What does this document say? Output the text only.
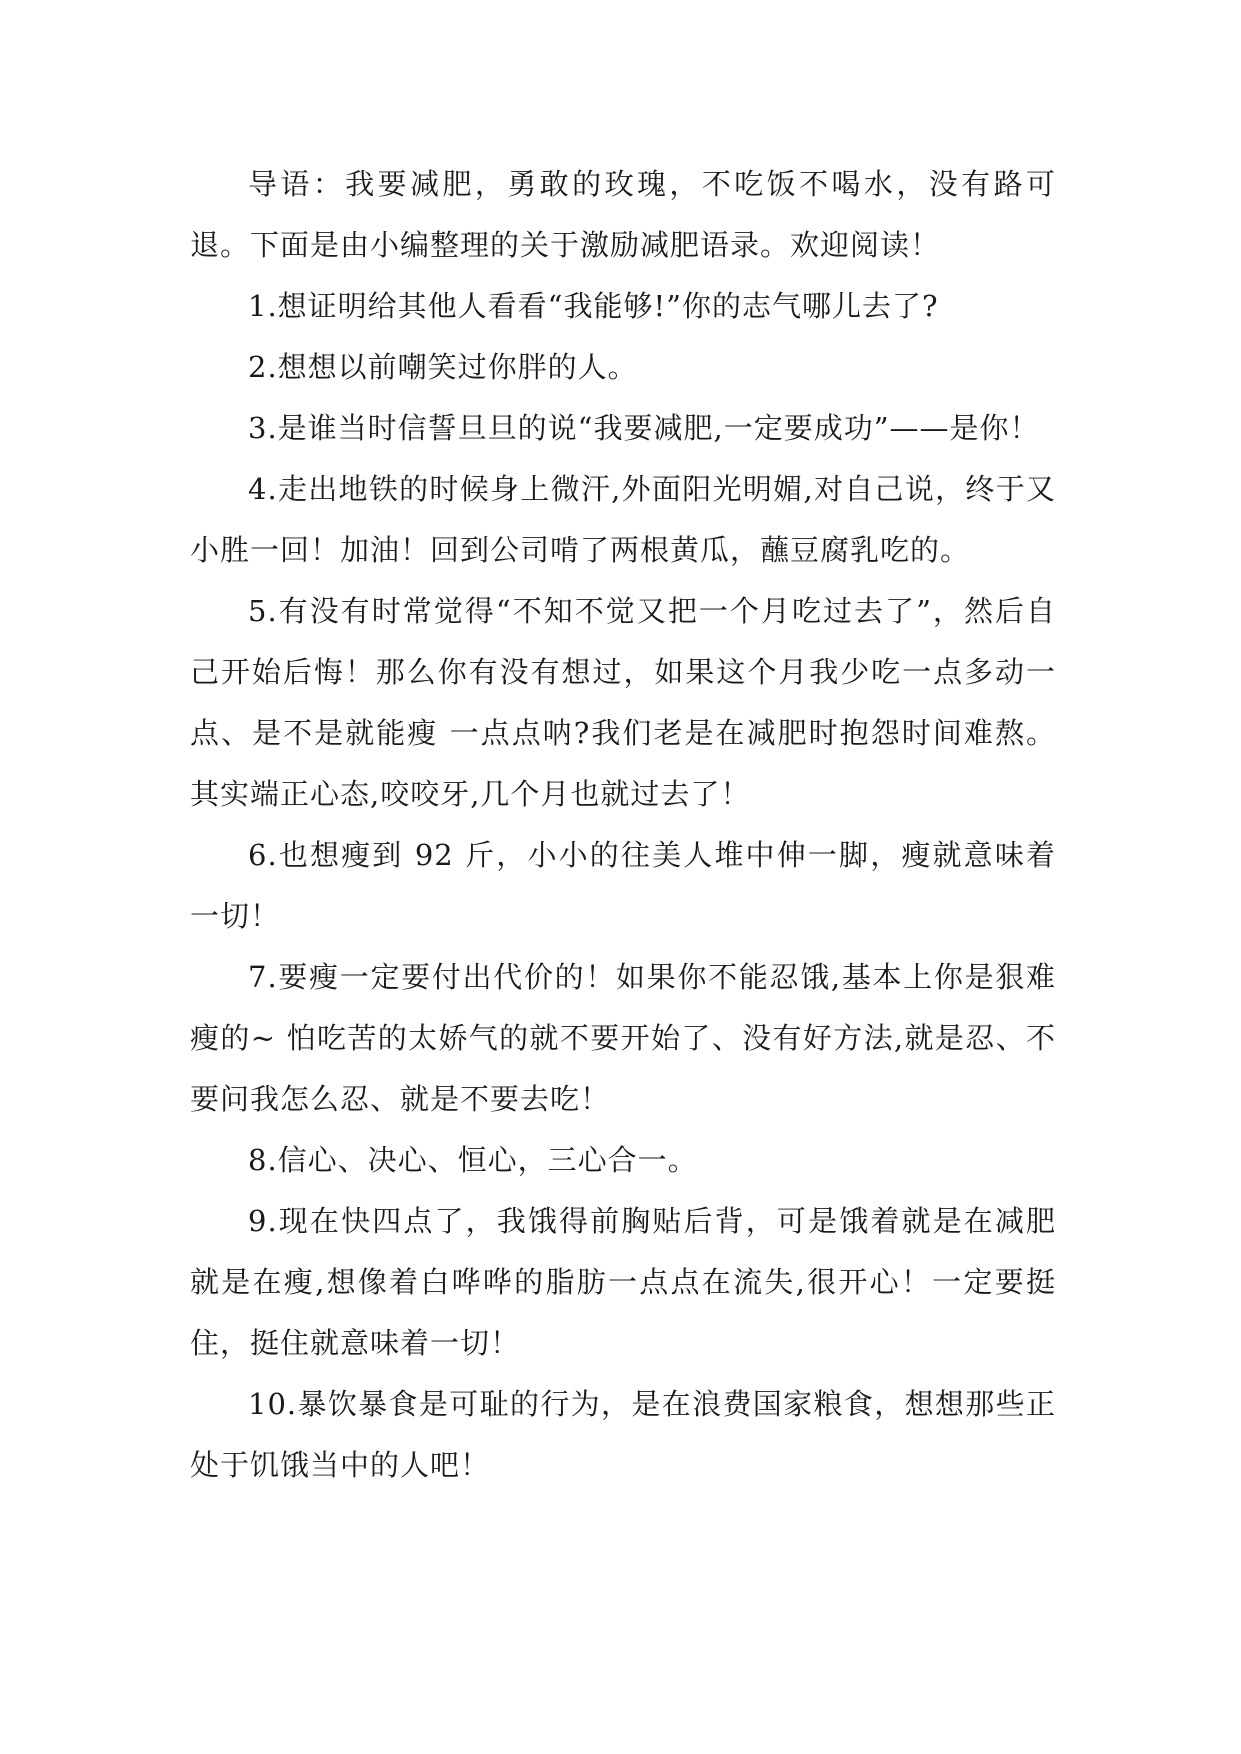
导语：我要减肥，勇敢的玫瑰，不吃饭不喝水，没有路可退。下面是由小编整理的关于激励减肥语录。欢迎阅读！

1.想证明给其他人看看“我能够!”你的志气哪儿去了?

2.想想以前嘲笑过你胖的人。

3.是谁当时信誓旦旦的说“我要减肥,一定要成功”——是你！

4.走出地铁的时候身上微汗,外面阳光明媚,对自己说，终于又小胜一回！加油！回到公司啃了两根黄瓜，蘸豆腐乳吃的。

5.有没有时常觉得“不知不觉又把一个月吃过去了”，然后自己开始后悔！那么你有没有想过，如果这个月我少吃一点多动一点、是不是就能瘦 一点点呐?我们老是在减肥时抱怨时间难熬。其实端正心态,咬咬牙,几个月也就过去了！

6.也想瘦到 92 斤，小小的往美人堆中伸一脚，瘦就意味着一切！

7.要瘦一定要付出代价的！如果你不能忍饿,基本上你是狠难瘦的~ 怕吃苦的太娇气的就不要开始了、没有好方法,就是忍、不要问我怎么忍、就是不要去吃！

8.信心、决心、恒心，三心合一。

9.现在快四点了，我饿得前胸贴后背，可是饿着就是在减肥就是在瘦,想像着白哗哗的脂肪一点点在流失,很开心！一定要挺住，挺住就意味着一切！

10.暴饮暴食是可耻的行为，是在浪费国家粮食，想想那些正处于饥饿当中的人吧！
